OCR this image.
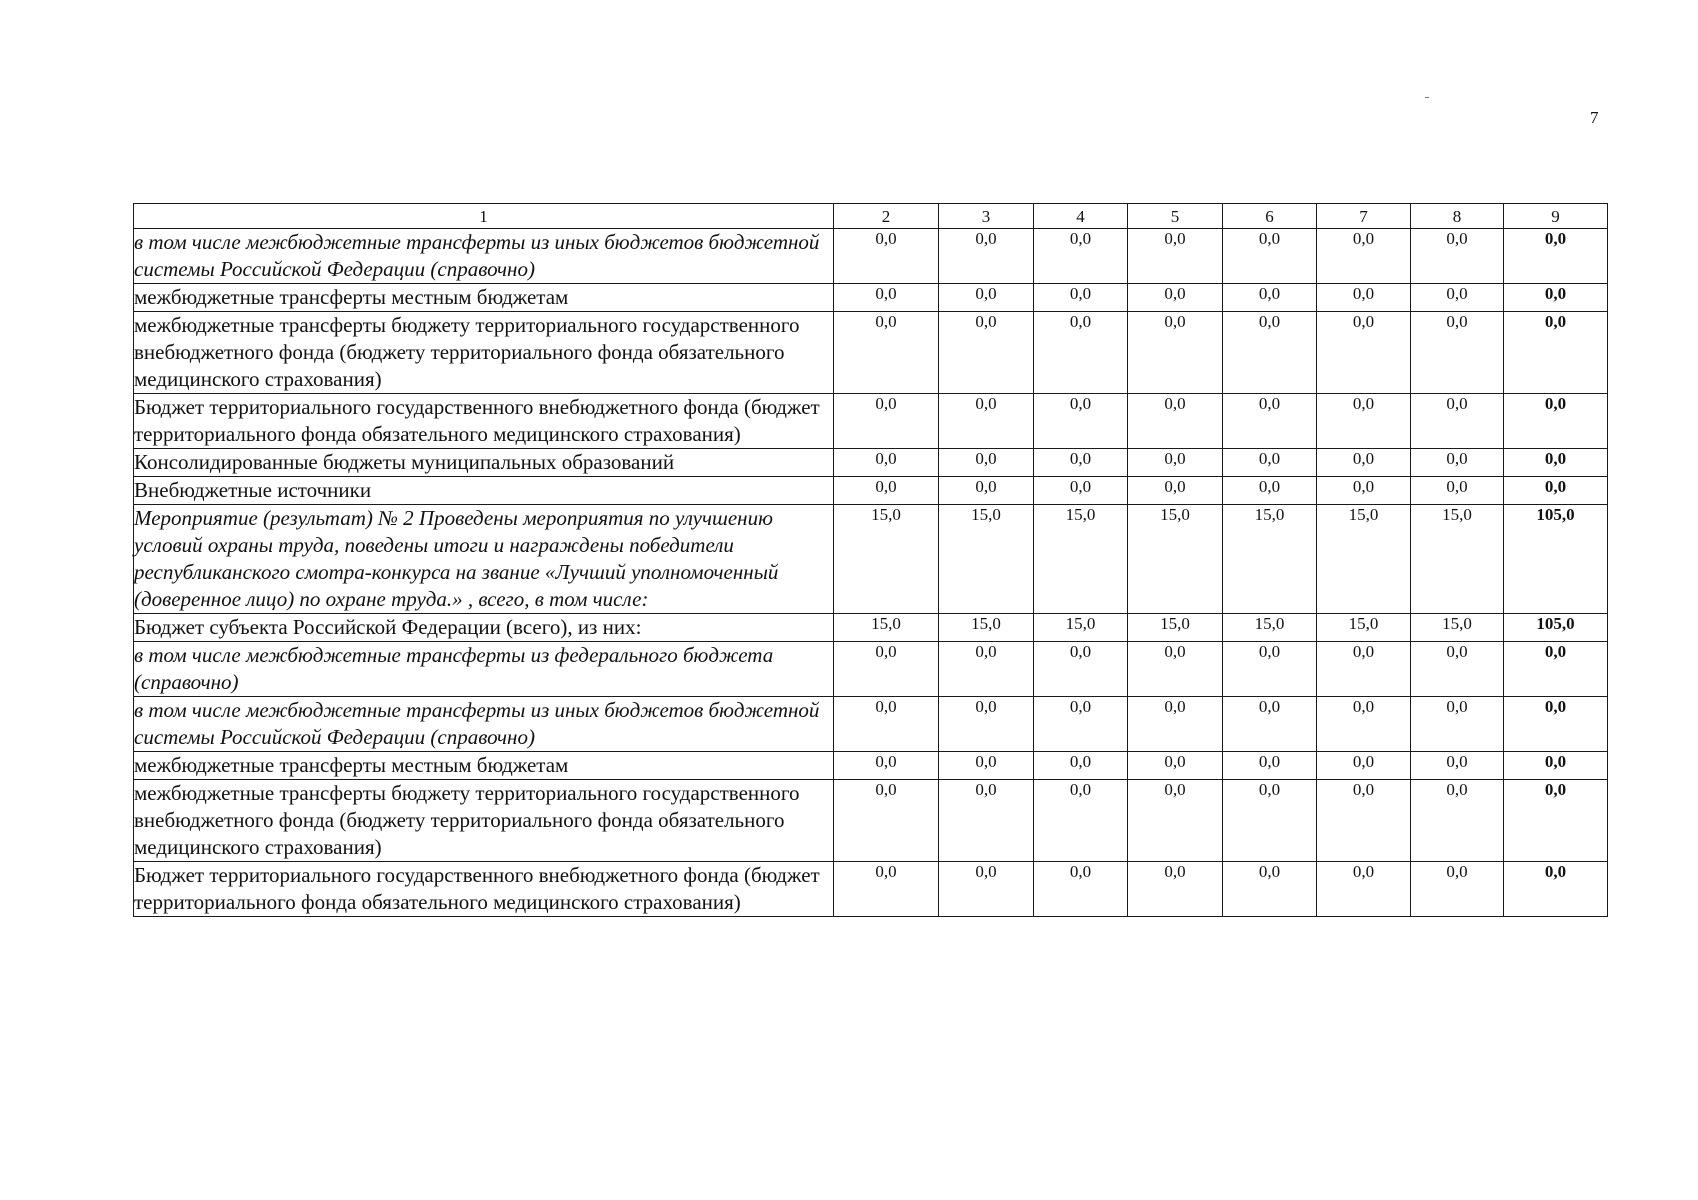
7
1	2	3	4	5	6	7	8	9
в том числе межбюджетные трансферты из иных бюджетов бюджетной системы Российской Федерации (справочно)	0,0	0,0	0,0	0,0	0,0	0,0	0,0	0,0
межбюджетные трансферты местным бюджетам	0,0	0,0	0,0	0,0	0,0	0,0	0,0	0,0
межбюджетные трансферты бюджету территориального государственного внебюджетного фонда (бюджету территориального фонда обязательного медицинского страхования)	0,0	0,0	0,0	0,0	0,0	0,0	0,0	0,0
Бюджет территориального государственного внебюджетного фонда (бюджет территориального фонда обязательного медицинского страхования)	0,0	0,0	0,0	0,0	0,0	0,0	0,0	0,0
Консолидированные бюджеты муниципальных образований	0,0	0,0	0,0	0,0	0,0	0,0	0,0	0,0
Внебюджетные источники	0,0	0,0	0,0	0,0	0,0	0,0	0,0	0,0
Мероприятие (результат) № 2 Проведены мероприятия по улучшению условий охраны труда, поведены итоги и награждены победители республиканского смотра-конкурса на звание «Лучший уполномоченный (доверенное лицо) по охране труда.» , всего, в том числе:	15,0	15,0	15,0	15,0	15,0	15,0	15,0	105,0
Бюджет субъекта Российской Федерации (всего), из них:	15,0	15,0	15,0	15,0	15,0	15,0	15,0	105,0
в том числе межбюджетные трансферты из федерального бюджета (справочно)	0,0	0,0	0,0	0,0	0,0	0,0	0,0	0,0
в том числе межбюджетные трансферты из иных бюджетов бюджетной системы Российской Федерации (справочно)	0,0	0,0	0,0	0,0	0,0	0,0	0,0	0,0
межбюджетные трансферты местным бюджетам	0,0	0,0	0,0	0,0	0,0	0,0	0,0	0,0
межбюджетные трансферты бюджету территориального государственного внебюджетного фонда (бюджету территориального фонда обязательного медицинского страхования)	0,0	0,0	0,0	0,0	0,0	0,0	0,0	0,0
Бюджет территориального государственного внебюджетного фонда (бюджет территориального фонда обязательного медицинского страхования)	0,0	0,0	0,0	0,0	0,0	0,0	0,0	0,0
